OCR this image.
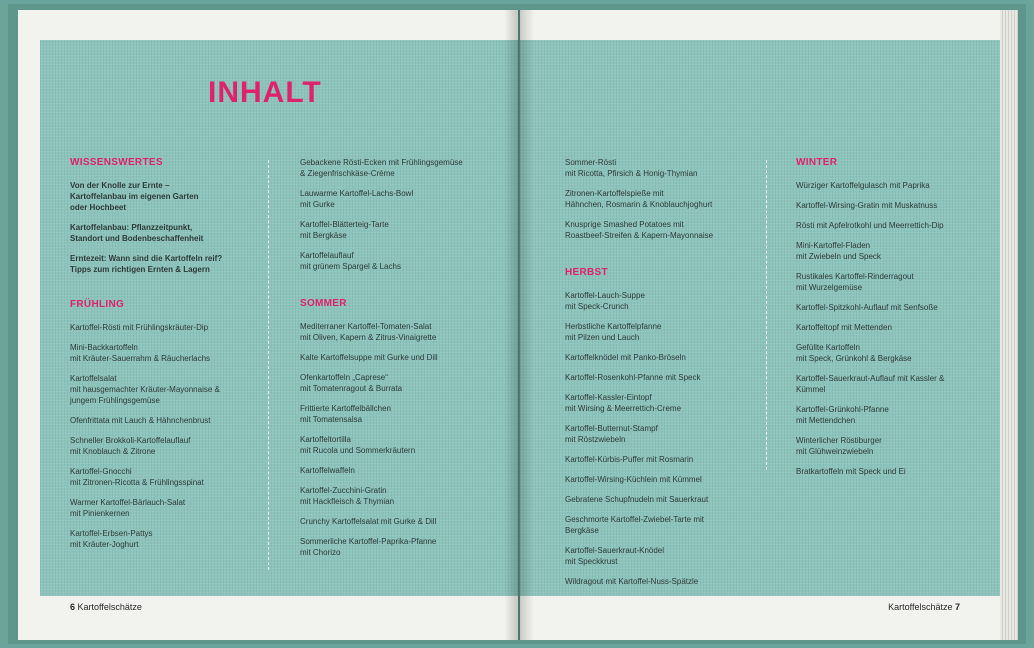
INHALT
WISSENSWERTES
Von der Knolle zur Ernte –
Kartoffelanbau im eigenen Garten
oder Hochbeet
Kartoffelanbau: Pflanzzeitpunkt,
Standort und Bodenbeschaffenheit
Erntezeit: Wann sind die Kartoffeln reif?
Tipps zum richtigen Ernten & Lagern
FRÜHLING
Kartoffel-Rösti mit Frühlingskräuter-Dip
Mini-Backkartoffeln
mit Kräuter-Sauerrahm & Räucherlachs
Kartoffelsalat
mit hausgemachter Kräuter-Mayonnaise &
jungem Frühlingsgemüse
Ofenfrittata mit Lauch & Hähnchenbrust
Schneller Brokkoli-Kartoffelauflauf
mit Knoblauch & Zitrone
Kartoffel-Gnocchi
mit Zitronen-Ricotta & Frühlingsspinat
Warmer Kartoffel-Bärlauch-Salat
mit Pinienkernen
Kartoffel-Erbsen-Pattys
mit Kräuter-Joghurt
Gebackene Rösti-Ecken mit Frühlingsgemüse
& Ziegenfrischkäse-Crème
Lauwarme Kartoffel-Lachs-Bowl
mit Gurke
Kartoffel-Blätterteig-Tarte
mit Bergkäse
Kartoffelauflauf
mit grünem Spargel & Lachs
SOMMER
Mediterraner Kartoffel-Tomaten-Salat
mit Oliven, Kapern & Zitrus-Vinaigrette
Kalte Kartoffelsuppe mit Gurke und Dill
Ofenkartoffeln „Caprese“
mit Tomatenragout & Burrata
Frittierte Kartoffelbällchen
mit Tomatensalsa
Kartoffeltortilla
mit Rucola und Sommerkräutern
Kartoffelwaffeln
Kartoffel-Zucchini-Gratin
mit Hackfleisch & Thymian
Crunchy Kartoffelsalat mit Gurke & Dill
Sommerliche Kartoffel-Paprika-Pfanne
mit Chorizo
Sommer-Rösti
mit Ricotta, Pfirsich & Honig-Thymian
Zitronen-Kartoffelspieße mit
Hähnchen, Rosmarin & Knoblauchjoghurt
Knusprige Smashed Potatoes mit
Roastbeef-Streifen & Kapern-Mayonnaise
HERBST
Kartoffel-Lauch-Suppe
mit Speck-Crunch
Herbstliche Kartoffelpfanne
mit Pilzen und Lauch
Kartoffelknödel mit Panko-Bröseln
Kartoffel-Rosenkohl-Pfanne mit Speck
Kartoffel-Kassler-Eintopf
mit Wirsing & Meerrettich-Creme
Kartoffel-Butternut-Stampf
mit Röstzwiebeln
Kartoffel-Kürbis-Puffer mit Rosmarin
Kartoffel-Wirsing-Küchlein mit Kümmel
Gebratene Schupfnudeln mit Sauerkraut
Geschmorte Kartoffel-Zwiebel-Tarte mit
Bergkäse
Kartoffel-Sauerkraut-Knödel
mit Speckkrust
Wildragout mit Kartoffel-Nuss-Spätzle
WINTER
Würziger Kartoffelgulasch mit Paprika
Kartoffel-Wirsing-Gratin mit Muskatnuss
Rösti mit Apfelrotkohl und Meerrettich-Dip
Mini-Kartoffel-Fladen
mit Zwiebeln und Speck
Rustikales Kartoffel-Rinderragout
mit Wurzelgemüse
Kartoffel-Spitzkohl-Auflauf mit Senfsoße
Kartoffeltopf mit Mettenden
Gefüllte Kartoffeln
mit Speck, Grünkohl & Bergkäse
Kartoffel-Sauerkraut-Auflauf mit Kassler &
Kümmel
Kartoffel-Grünkohl-Pfanne
mit Mettendchen
Winterlicher Röstiburger
mit Glühweinzwiebeln
Bratkartoffeln mit Speck und Ei
6 Kartoffelschätze	Kartoffelschätze 7
